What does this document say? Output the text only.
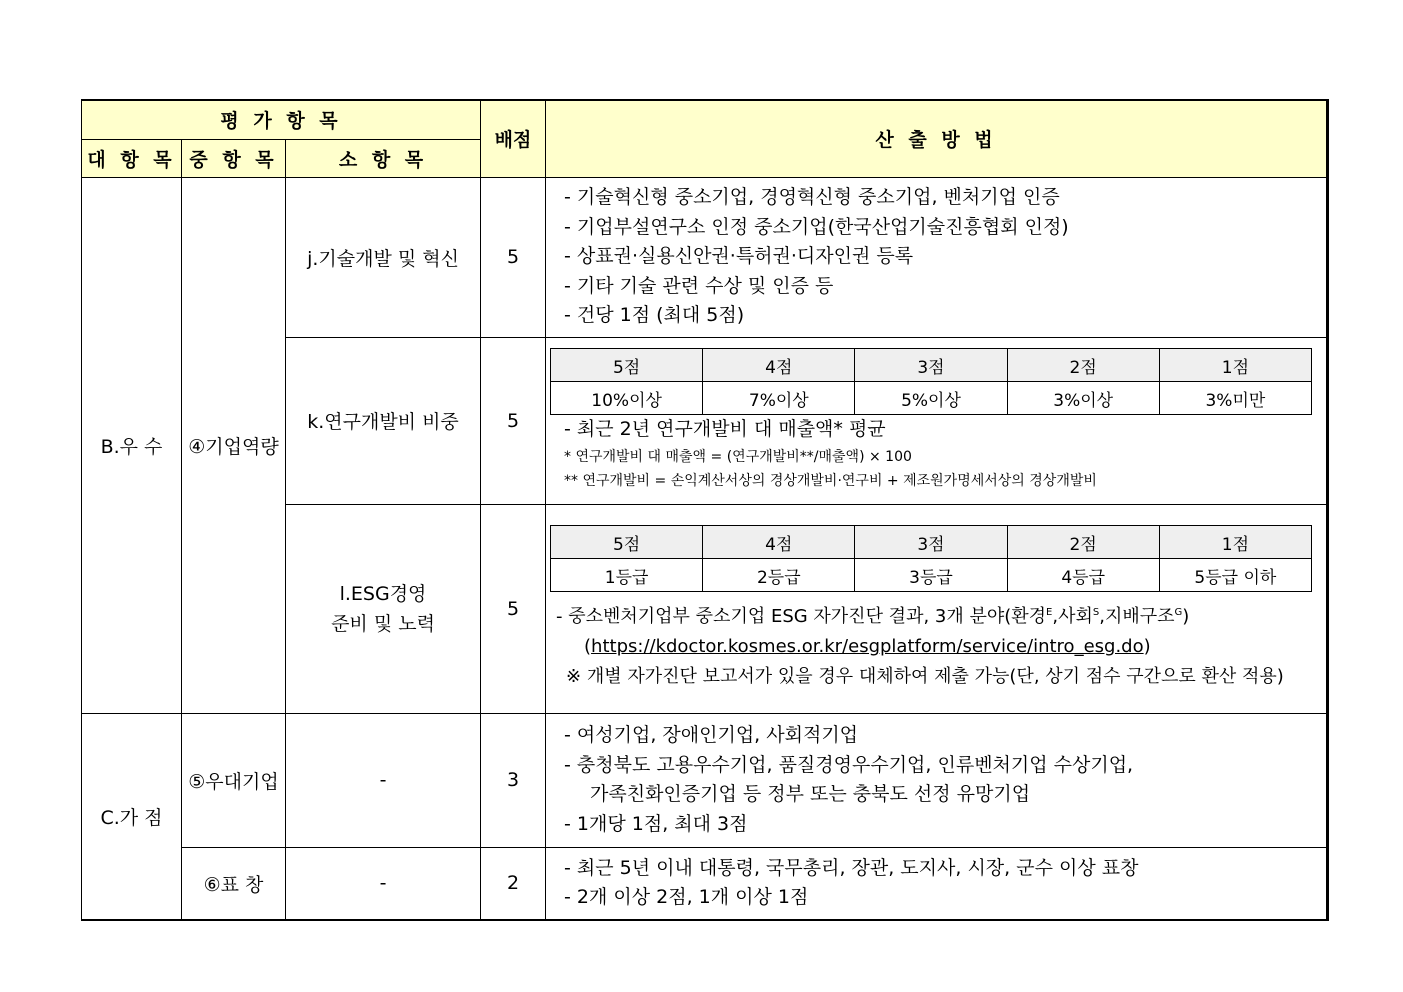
평 가 항 목	배점	산 출 방 법
대 항 목	중 항 목	소 항 목
B.우 수	④기업역량	j.기술개발 및 혁신	5	
- 기술혁신형 중소기업, 경영혁신형 중소기업, 벤처기업 인증
- 기업부설연구소 인정 중소기업(한국산업기술진흥협회 인정)
- 상표권·실용신안권·특허권·디자인권 등록
- 기타 기술 관련 수상 및 인증 등
- 건당 1점 (최대 5점)

k.연구개발비 비중	5	
5점	4점	3점	2점	1점
10%이상	7%이상	5%이상	3%이상	3%미만
- 최근 2년 연구개발비 대 매출액* 평균
* 연구개발비 대 매출액 = (연구개발비**/매출액) × 100
** 연구개발비 = 손익계산서상의 경상개발비·연구비 + 제조원가명세서상의 경상개발비

l.ESG경영
준비 및 노력
	5	
5점	4점	3점	2점	1점
1등급	2등급	3등급	4등급	5등급 이하
- 중소벤처기업부 중소기업 ESG 자가진단 결과, 3개 분야(환경$^E$,사회$^S$,지배구조$^G$)
(https://kdoctor.kosmes.or.kr/esgplatform/service/intro_esg.do)
※ 개별 자가진단 보고서가 있을 경우 대체하여 제출 가능(단, 상기 점수 구간으로 환산 적용)

C.가 점	⑤우대기업	-	3	
- 여성기업, 장애인기업, 사회적기업
- 충청북도 고용우수기업, 품질경영우수기업, 인류벤처기업 수상기업,
가족친화인증기업 등 정부 또는 충북도 선정 유망기업
- 1개당 1점, 최대 3점

⑥표 창	-	2	
- 최근 5년 이내 대통령, 국무총리, 장관, 도지사, 시장, 군수 이상 표창
- 2개 이상 2점, 1개 이상 1점
